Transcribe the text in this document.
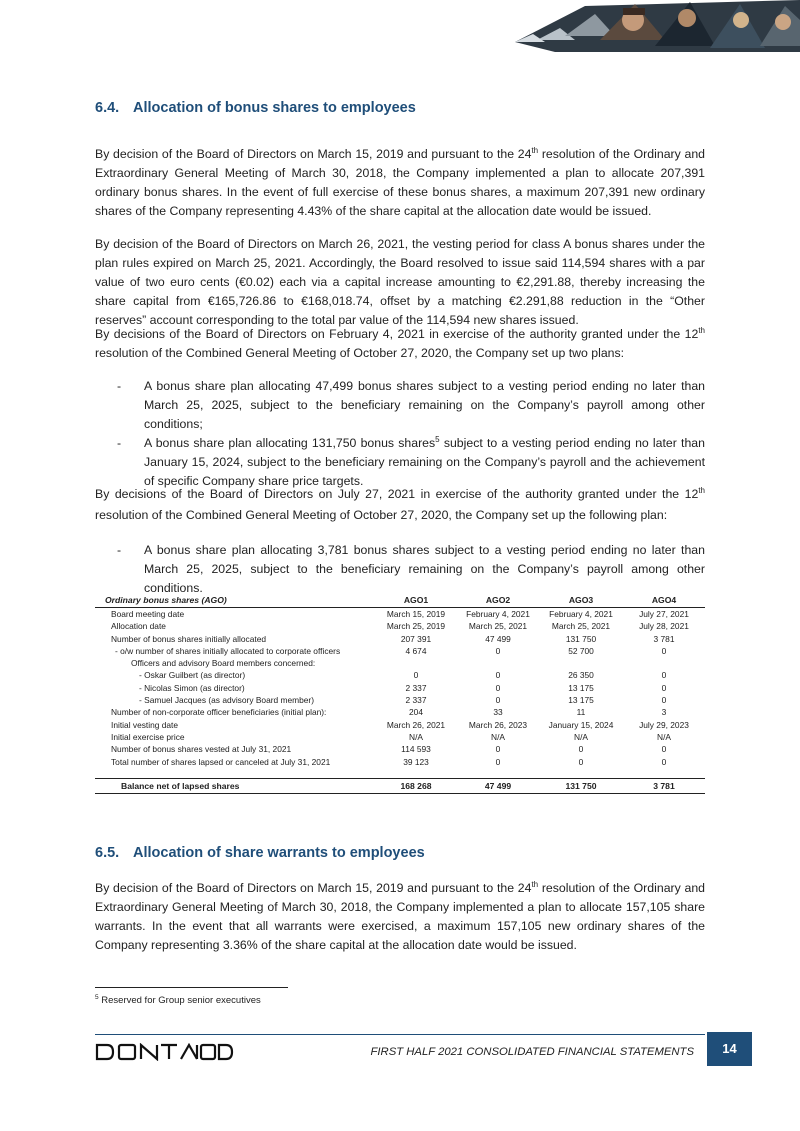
6.4. Allocation of bonus shares to employees

By decision of the Board of Directors on March 15, 2019 and pursuant to the 24th resolution of the Ordinary and Extraordinary General Meeting of March 30, 2018, the Company implemented a plan to allocate 207,391 ordinary bonus shares. In the event of full exercise of these bonus shares, a maximum 207,391 new ordinary shares of the Company representing 4.43% of the share capital at the allocation date would be issued.

By decision of the Board of Directors on March 26, 2021, the vesting period for class A bonus shares under the plan rules expired on March 25, 2021. Accordingly, the Board resolved to issue said 114,594 shares with a par value of two euro cents (€0.02) each via a capital increase amounting to €2,291.88, thereby increasing the share capital from €165,726.86 to €168,018.74, offset by a matching €2.291,88 reduction in the “Other reserves” account corresponding to the total par value of the 114,594 new shares issued.

By decisions of the Board of Directors on February 4, 2021 in exercise of the authority granted under the 12th resolution of the Combined General Meeting of October 27, 2020, the Company set up two plans:

- A bonus share plan allocating 47,499 bonus shares subject to a vesting period ending no later than March 25, 2025, subject to the beneficiary remaining on the Company’s payroll among other conditions;
- A bonus share plan allocating 131,750 bonus shares$^5$ subject to a vesting period ending no later than January 15, 2024, subject to the beneficiary remaining on the Company’s payroll and the achievement of specific Company share price targets.

By decisions of the Board of Directors on July 27, 2021 in exercise of the authority granted under the 12th resolution of the Combined General Meeting of October 27, 2020, the Company set up the following plan:

- A bonus share plan allocating 3,781 bonus shares subject to a vesting period ending no later than March 25, 2025, subject to the beneficiary remaining on the Company’s payroll among other conditions.
Ordinary bonus shares (AGO)	AGO1	AGO2	AGO3	AGO4
Board meeting date	March 15, 2019	February 4, 2021	February 4, 2021	July 27, 2021
Allocation date	March 25, 2019	March 25, 2021	March 25, 2021	July 28, 2021
Number of bonus shares initially allocated	207 391	47 499	131 750	3 781
- o/w number of shares initially allocated to corporate officers	4 674	0	52 700	0
Officers and advisory Board members concerned:				
- Oskar Guilbert (as director)	0	0	26 350	0
- Nicolas Simon (as director)	2 337	0	13 175	0
- Samuel Jacques (as advisory Board member)	2 337	0	13 175	0
Number of non-corporate officer beneficiaries (initial plan):	204	33	11	3
Initial vesting date	March 26, 2021	March 26, 2023	January 15, 2024	July 29, 2023
Initial exercise price	N/A	N/A	N/A	N/A
Number of bonus shares vested at July 31, 2021	114 593	0	0	0
Total number of shares lapsed or canceled at July 31, 2021	39 123	0	0	0

Balance net of lapsed shares	168 268	47 499	131 750	3 781
6.5. Allocation of share warrants to employees

By decision of the Board of Directors on March 15, 2019 and pursuant to the 24th resolution of the Ordinary and Extraordinary General Meeting of March 30, 2018, the Company implemented a plan to allocate 157,105 share warrants. In the event that all warrants were exercised, a maximum 157,105 new ordinary shares of the Company representing 3.36% of the share capital at the allocation date would be issued.

$^5$ Reserved for Group senior executives

FIRST HALF 2021 CONSOLIDATED FINANCIAL STATEMENTS	14
